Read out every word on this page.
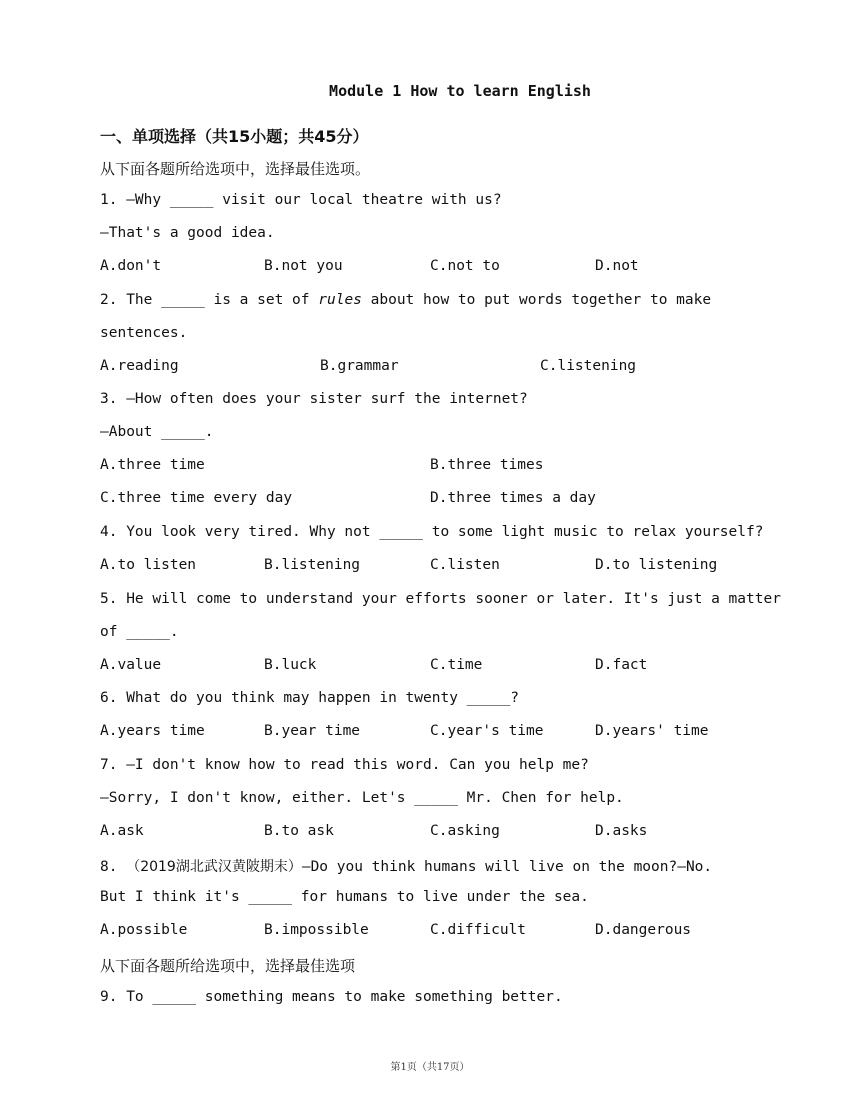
Module 1 How to learn English
一、单项选择（共15小题；共45分）
从下面各题所给选项中，选择最佳选项。
1. —Why _____ visit our local theatre with us?
—That's a good idea.
A.don't	B.not you	C.not to	D.not
2. The _____ is a set of rules about how to put words together to make
sentences.
A.reading	B.grammar	C.listening
3. —How often does your sister surf the internet?
—About _____.
A.three time	B.three times
C.three time every day	D.three times a day
4. You look very tired. Why not _____ to some light music to relax yourself?
A.to listen	B.listening	C.listen	D.to listening
5. He will come to understand your efforts sooner or later. It's just a matter
of _____.
A.value	B.luck	C.time	D.fact
6. What do you think may happen in twenty _____?
A.years time	B.year time	C.year's time	D.years' time
7. —I don't know how to read this word. Can you help me?
—Sorry, I don't know, either. Let's _____ Mr. Chen for help.
A.ask	B.to ask	C.asking	D.asks
8. （2019湖北武汉黄陂期末）—Do you think humans will live on the moon?—No.
But I think it's _____ for humans to live under the sea.
A.possible	B.impossible	C.difficult	D.dangerous
从下面各题所给选项中，选择最佳选项
9. To _____ something means to make something better.
第1页（共17页）
